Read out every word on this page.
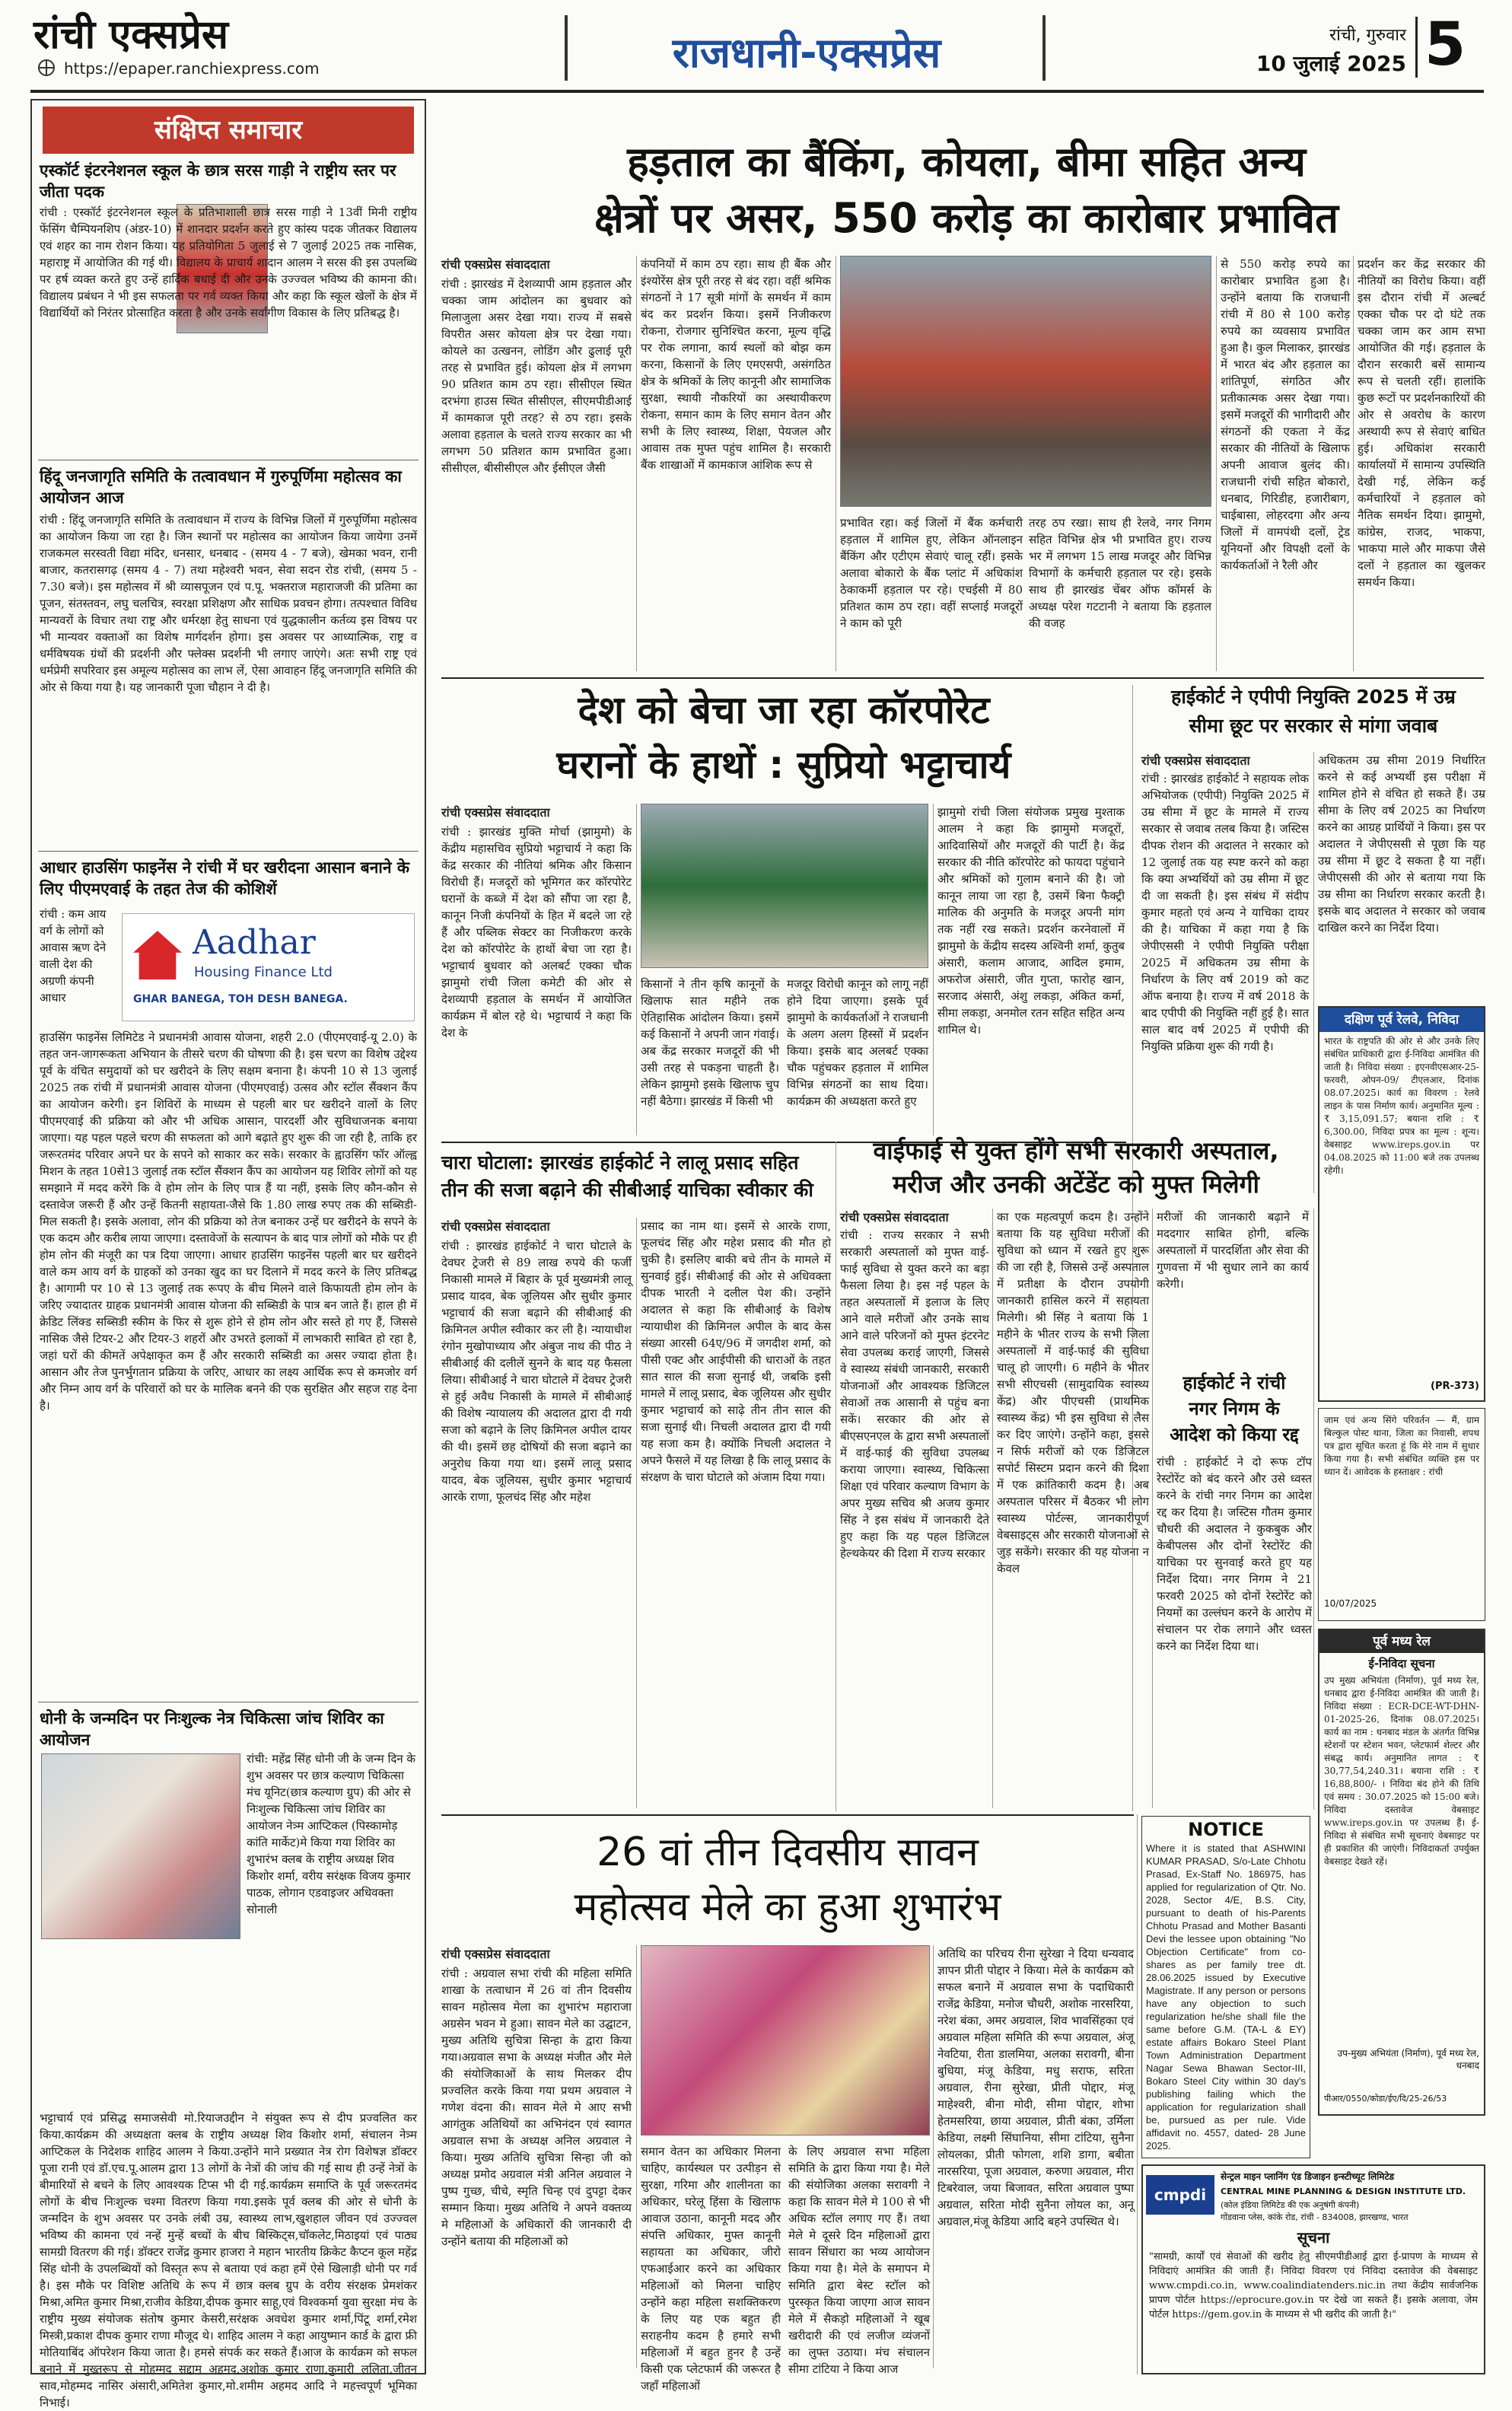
रांची एक्सप्रेस
https://epaper.ranchiexpress.com	राजधानी-एक्सप्रेस	रांची, गुरुवार
10 जुलाई 2025 5
संक्षिप्त समाचार
एस्कॉर्ट इंटरनेशनल स्कूल के छात्र सरस गाड़ी ने राष्ट्रीय स्तर पर जीता पदक
रांची : एस्कॉर्ट इंटरनेशनल स्कूल के प्रतिभाशाली छात्र सरस गाड़ी ने 13वीं मिनी राष्ट्रीय फेंसिंग चैम्पियनशिप (अंडर-10) में शानदार प्रदर्शन करते हुए कांस्य पदक जीतकर विद्यालय एवं शहर का नाम रोशन किया। यह प्रतियोगिता 5 जुलाई से 7 जुलाई 2025 तक नासिक, महाराष्ट्र में आयोजित की गई थी। विद्यालय के प्राचार्य शादान आलम ने सरस की इस उपलब्धि पर हर्ष व्यक्त करते हुए उन्हें हार्दिक बधाई दी और उनके उज्ज्वल भविष्य की कामना की। विद्यालय प्रबंधन ने भी इस सफलता पर गर्व व्यक्त किया और कहा कि स्कूल खेलों के क्षेत्र में विद्यार्थियों को निरंतर प्रोत्साहित करता है और उनके सर्वांगीण विकास के लिए प्रतिबद्ध है।
हिंदू जनजागृति समिति के तत्वावधान में गुरुपूर्णिमा महोत्सव का आयोजन आज
रांची : हिंदू जनजागृति समिति के तत्वावधान में राज्य के विभिन्न जिलों में गुरुपूर्णिमा महोत्सव का आयोजन किया जा रहा है। जिन स्थानों पर महोत्सव का आयोजन किया जायेगा उनमें राजकमल सरस्वती विद्या मंदिर, धनसार, धनबाद - (समय 4 - 7 बजे), खेमका भवन, रानी बाजार, कतरासगढ़ (समय 4 - 7) तथा महेश्वरी भवन, सेवा सदन रोड रांची, (समय 5 - 7.30 बजे)। इस महोत्सव में श्री व्यासपूजन एवं प.पू. भक्तराज महाराजजी की प्रतिमा का पूजन, संतस्तवन, लघु चलचित्र, स्वरक्षा प्रशिक्षण और साधिक प्रवचन होगा। तत्पश्चात विविध मान्यवरों के विचार तथा राष्ट्र और धर्मरक्षा हेतु साधना एवं युद्धकालीन कर्तव्य इस विषय पर भी मान्यवर वक्ताओं का विशेष मार्गदर्शन होगा। इस अवसर पर आध्यात्मिक, राष्ट्र व धर्मविषयक ग्रंथों की प्रदर्शनी और फ्लेक्स प्रदर्शनी भी लगाए जाएंगे। अतः सभी राष्ट्र एवं धर्मप्रेमी सपरिवार इस अमूल्य महोत्सव का लाभ लें, ऐसा आवाहन हिंदू जनजागृति समिति की ओर से किया गया है। यह जानकारी पूजा चौहान ने दी है।
आधार हाउसिंग फाइनेंस ने रांची में घर खरीदना आसान बनाने के लिए पीएमएवाई के तहत तेज की कोशिशें
रांची : कम आय वर्ग के लोगों को आवास ऋण देने वाली देश की अग्रणी कंपनी आधार
Aadhar
Housing Finance Ltd
GHAR BANEGA, TOH DESH BANEGA.
हाउसिंग फाइनेंस लिमिटेड ने प्रधानमंत्री आवास योजना, शहरी 2.0 (पीएमएवाई-यू 2.0) के तहत जन-जागरूकता अभियान के तीसरे चरण की घोषणा की है। इस चरण का विशेष उद्देश्य पूर्व के वंचित समुदायों को घर खरीदने के लिए सक्षम बनाना है। कंपनी 10 से 13 जुलाई 2025 तक रांची में प्रधानमंत्री आवास योजना (पीएमएवाई) उत्सव और स्टॉल सैंक्शन कैंप का आयोजन करेगी। इन शिविरों के माध्यम से पहली बार घर खरीदने वालों के लिए पीएमएवाई की प्रक्रिया को और भी अधिक आसान, पारदर्शी और सुविधाजनक बनाया जाएगा। यह पहल पहले चरण की सफलता को आगे बढ़ाते हुए शुरू की जा रही है, ताकि हर जरूरतमंद परिवार अपने घर के सपने को साकार कर सके। सरकार के ह्वाउसिंग फॉर ऑल्ह्व मिशन के तहत 10से13 जुलाई तक स्टॉल सैंक्शन कैंप का आयोजन यह शिविर लोगों को यह समझाने में मदद करेंगे कि वे होम लोन के लिए पात्र हैं या नहीं, इसके लिए कौन-कौन से दस्तावेज जरूरी हैं और उन्हें कितनी सहायता-जैसे कि 1.80 लाख रुपए तक की सब्सिडी-मिल सकती है। इसके अलावा, लोन की प्रक्रिया को तेज बनाकर उन्हें घर खरीदने के सपने के एक कदम और करीब लाया जाएगा। दस्तावेजों के सत्यापन के बाद पात्र लोगों को मौके पर ही होम लोन की मंजूरी का पत्र दिया जाएगा। आधार हाउसिंग फाइनेंस पहली बार घर खरीदने वाले कम आय वर्ग के ग्राहकों को उनका खुद का घर दिलाने में मदद करने के लिए प्रतिबद्ध है। आगामी पर 10 से 13 जुलाई तक रूपए के बीच मिलने वाले किफायती होम लोन के जरिए ज्यादातर ग्राहक प्रधानमंत्री आवास योजना की सब्सिडी के पात्र बन जाते हैं। हाल ही में क्रेडिट लिंक्ड सब्सिडी स्कीम के फिर से शुरू होने से होम लोन और सस्ते हो गए हैं, जिससे नासिक जैसे टियर-2 और टियर-3 शहरों और उभरते इलाकों में लाभकारी साबित हो रहा है, जहां घरों की कीमतें अपेक्षाकृत कम हैं और सरकारी सब्सिडी का असर ज्यादा होता है। आसान और तेज पुनर्भुगतान प्रक्रिया के जरिए, आधार का लक्ष्य आर्थिक रूप से कमजोर वर्ग और निम्न आय वर्ग के परिवारों को घर के मालिक बनने की एक सुरक्षित और सहज राह देना है।
धोनी के जन्मदिन पर निःशुल्क नेत्र चिकित्सा जांच शिविर का आयोजन
रांची: महेंद्र सिंह धोनी जी के जन्म दिन के शुभ अवसर पर छात्र कल्याण चिकित्सा मंच यूनिट(छात्र कल्याण ग्रुप) की ओर से निःशुल्क चिकित्सा जांच शिविर का आयोजन नेत्र्म आप्टिकल (पिस्कामोड़ कांति मार्केट)मे किया गया शिविर का शुभारंभ क्लब के राष्ट्रीय अध्यक्ष शिव किशोर शर्मा, वरीय सरंक्षक विजय कुमार पाठक, लोगान एडवाइजर अधिवक्ता सोनाली
भट्टाचार्य एवं प्रसिद्ध समाजसेवी मो.रियाजउद्दीन ने संयुक्त रूप से दीप प्रज्वलित कर किया.कार्यक्रम की अध्यक्षता क्लब के राष्ट्रीय अध्यक्ष शिव किशोर शर्मा, संचालन नेत्र्म आप्टिकल के निदेशक शाहिद आलम ने किया.उन्होंने माने प्रख्यात नेत्र रोग विशेषज्ञ डॉक्टर पूजा रानी एवं डॉ.एच.पू.आलम द्वारा 13 लोगों के नेत्रों की जांच की गई साथ ही उन्हें नेत्रों के बीमारियों से बचने के लिए आवश्यक टिप्स भी दी गई.कार्यक्रम समाप्ति के पूर्व जरूरतमंद लोगों के बीच निःशुल्क चश्मा वितरण किया गया.इसके पूर्व क्लब की ओर से धोनी के जन्मदिन के शुभ अवसर पर उनके लंबी उम्र, स्वास्थ्य लाभ,खुशहाल जीवन एवं उज्ज्वल भविष्य की कामना एवं नन्हें मुन्हें बच्चों के बीच बिस्किट्स,चॉकलेट,मिठाइयां एवं पाठ्य सामग्री वितरण की गई। डॉक्टर राजेंद्र कुमार हाजरा ने महान भारतीय क्रिकेट कैप्टन कूल महेंद्र सिंह धोनी के उपलब्धियों को विस्तृत रूप से बताया एवं कहा हमें ऐसे खिलाड़ी धोनी पर गर्व है। इस मौके पर विशिष्ट अतिथि के रूप में छात्र क्लब ग्रुप के वरीय संरक्षक प्रेमशंकर मिश्रा,अमित कुमार मिश्रा,राजीव केडिया,दीपक कुमार साहू,एवं विश्वकर्मा युवा सुरक्षा मंच के राष्ट्रीय मुख्य संयोजक संतोष कुमार केसरी,सरंक्षक अवधेश कुमार शर्मा,पिंटू शर्मा,रमेश मिस्त्री,प्रकाश दीपक कुमार राणा मौजूद थे। शाहिद आलम ने कहा आयुष्मान कार्ड के द्वारा फ्री मोतियाबिंद ऑपरेशन किया जाता है। हमसे संपर्क कर सकते हैं।आज के कार्यक्रम को सफल बनाने में मुख्तरूप से मोहम्मद सद्दाम अहमद,अशोक कुमार राणा,कुमारी ललिता,जीतन साव,मोहम्मद नासिर अंसारी,अमितेश कुमार,मो.शमीम अहमद आदि ने महत्त्वपूर्ण भूमिका निभाई।
हड़ताल का बैंकिंग, कोयला, बीमा सहित अन्य
क्षेत्रों पर असर, 550 करोड़ का कारोबार प्रभावित
रांची एक्सप्रेस संवाददाता
रांची : झारखंड में देशव्यापी आम हड़ताल और चक्का जाम आंदोलन का बुधवार को मिलाजुला असर देखा गया। राज्य में सबसे विपरीत असर कोयला क्षेत्र पर देखा गया। कोयले का उत्खनन, लोडिंग और ढुलाई पूरी तरह से प्रभावित हुई। कोयला क्षेत्र में लगभग 90 प्रतिशत काम ठप रहा। सीसीएल स्थित दरभंगा हाउस स्थित सीसीएल, सीएमपीडीआई में कामकाज पूरी तरह? से ठप रहा। इसके अलावा हड़ताल के चलते राज्य सरकार का भी लगभग 50 प्रतिशत काम प्रभावित हुआ। सीसीएल, बीसीसीएल और ईसीएल जैसी
कंपनियों में काम ठप रहा। साथ ही बैंक और इंश्योरेंस क्षेत्र पूरी तरह से बंद रहा। वहीं श्रमिक संगठनों ने 17 सूत्री मांगों के समर्थन में काम बंद कर प्रदर्शन किया। इसमें निजीकरण रोकना, रोजगार सुनिश्चित करना, मूल्य वृद्धि पर रोक लगाना, कार्य स्थलों को बोझ कम करना, किसानों के लिए एमएसपी, असंगठित क्षेत्र के श्रमिकों के लिए कानूनी और सामाजिक सुरक्षा, स्थायी नौकरियों का अस्थायीकरण रोकना, समान काम के लिए समान वेतन और सभी के लिए स्वास्थ्य, शिक्षा, पेयजल और आवास तक मुफ्त पहुंच शामिल है। सरकारी बैंक शाखाओं में कामकाज आंशिक रूप से
प्रभावित रहा। कई जिलों में बैंक कर्मचारी हड़ताल में शामिल हुए, लेकिन ऑनलाइन बैंकिंग और एटीएम सेवाएं चालू रहीं। इसके अलावा बोकारो के बैंक प्लांट में अधिकांश ठेकाकर्मी हड़ताल पर रहे। एचईसी में 80 प्रतिशत काम ठप रहा। वहीं सप्लाई मजदूरों ने काम को पूरी
तरह ठप रखा। साथ ही रेलवे, नगर निगम सहित विभिन्न क्षेत्र भी प्रभावित हुए। राज्य भर में लगभग 15 लाख मजदूर और विभिन्न विभागों के कर्मचारी हड़ताल पर रहे। इसके साथ ही झारखंड चेंबर ऑफ कॉमर्स के अध्यक्ष परेश गटटानी ने बताया कि हड़ताल की वजह
से 550 करोड़ रुपये का कारोबार प्रभावित हुआ है। उन्होंने बताया कि राजधानी रांची में 80 से 100 करोड़ रुपये का व्यवसाय प्रभावित हुआ है। कुल मिलाकर, झारखंड में भारत बंद और हड़ताल का शांतिपूर्ण, संगठित और प्रतीकात्मक असर देखा गया। इसमें मजदूरों की भागीदारी और संगठनों की एकता ने केंद्र सरकार की नीतियों के खिलाफ अपनी आवाज बुलंद की। राजधानी रांची सहित बोकारो, धनबाद, गिरिडीह, हजारीबाग, चाईबासा, लोहरदगा और अन्य जिलों में वामपंथी दलों, ट्रेड यूनियनों और विपक्षी दलों के कार्यकर्ताओं ने रैली और
प्रदर्शन कर केंद्र सरकार की नीतियों का विरोध किया। वहीं इस दौरान रांची में अल्बर्ट एक्का चौक पर दो घंटे तक चक्का जाम कर आम सभा आयोजित की गई। हड़ताल के दौरान सरकारी बसें सामान्य रूप से चलती रहीं। हालांकि कुछ रूटों पर प्रदर्शनकारियों की ओर से अवरोध के कारण अस्थायी रूप से सेवाएं बाधित हुई। अधिकांश सरकारी कार्यालयों में सामान्य उपस्थिति देखी गई, लेकिन कई कर्मचारियों ने हड़ताल को नैतिक समर्थन दिया। झामुमो, कांग्रेस, राजद, भाकपा, भाकपा माले और माकपा जैसे दलों ने हड़ताल का खुलकर समर्थन किया।
देश को बेचा जा रहा कॉरपोरेट
घरानों के हाथों : सुप्रियो भट्टाचार्य
रांची एक्सप्रेस संवाददाता
रांची : झारखंड मुक्ति मोर्चा (झामुमो) के केंद्रीय महासचिव सुप्रियो भट्टाचार्य ने कहा कि केंद्र सरकार की नीतियां श्रमिक और किसान विरोधी हैं। मजदूरों को भूमिगत कर कॉरपोरेट घरानों के कब्जे में देश को सौंपा जा रहा है, कानून निजी कंपनियों के हित में बदले जा रहे हैं और पब्लिक सेक्टर का निजीकरण करके देश को कॉरपोरेट के हाथों बेचा जा रहा है। भट्टाचार्य बुधवार को अलबर्ट एक्का चौक झामुमो रांची जिला कमेटी की ओर से देशव्यापी हड़ताल के समर्थन में आयोजित कार्यक्रम में बोल रहे थे। भट्टाचार्य ने कहा कि देश के
किसानों ने तीन कृषि कानूनों के खिलाफ सात महीने तक ऐतिहासिक आंदोलन किया। इसमें कई किसानों ने अपनी जान गंवाई। अब केंद्र सरकार मजदूरों की भी उसी तरह से पकड़ना चाहती है। लेकिन झामुमो इसके खिलाफ चुप नहीं बैठेगा। झारखंड में किसी भी
मजदूर विरोधी कानून को लागू नहीं होने दिया जाएगा। इसके पूर्व झामुमो के कार्यकर्ताओं ने राजधानी के अलग अलग हिस्सों में प्रदर्शन किया। इसके बाद अलबर्ट एक्का चौक पहुंचकर हड़ताल में शामिल विभिन्न संगठनों का साथ दिया। कार्यक्रम की अध्यक्षता करते हुए
झामुमो रांची जिला संयोजक प्रमुख मुश्ताक आलम ने कहा कि झामुमो मजदूरों, आदिवासियों और मजदूरों की पार्टी है। केंद्र सरकार की नीति कॉरपोरेट को फायदा पहुंचाने और श्रमिकों को गुलाम बनाने की है। जो कानून लाया जा रहा है, उसमें बिना फैक्ट्री मालिक की अनुमति के मजदूर अपनी मांग तक नहीं रख सकते। प्रदर्शन करनेवालों में झामुमो के केंद्रीय सदस्य अश्विनी शर्मा, कुतुब अंसारी, कलाम आजाद, आदिल इमाम, अफरोज अंसारी, जीत गुप्ता, फारोह खान, सरजाद अंसारी, अंशु लकड़ा, अंकित कर्मा, सीमा लकड़ा, अनमोल रतन सहित सहित अन्य शामिल थे।
हाईकोर्ट ने एपीपी नियुक्ति 2025 में उम्र
सीमा छूट पर सरकार से मांगा जवाब
रांची एक्सप्रेस संवाददाता
रांची : झारखंड हाईकोर्ट ने सहायक लोक अभियोजक (एपीपी) नियुक्ति 2025 में उम्र सीमा में छूट के मामले में राज्य सरकार से जवाब तलब किया है। जस्टिस दीपक रोशन की अदालत ने सरकार को 12 जुलाई तक यह स्पष्ट करने को कहा कि क्या अभ्यर्थियों को उम्र सीमा में छूट दी जा सकती है। इस संबंध में संदीप कुमार महतो एवं अन्य ने याचिका दायर की है। याचिका में कहा गया है कि जेपीएससी ने एपीपी नियुक्ति परीक्षा 2025 में अधिकतम उम्र सीमा के निर्धारण के लिए वर्ष 2019 को कट ऑफ बनाया है। राज्य में वर्ष 2018 के बाद एपीपी की नियुक्ति नहीं हुई है। सात साल बाद वर्ष 2025 में एपीपी की नियुक्ति प्रक्रिया शुरू की गयी है।
अधिकतम उम्र सीमा 2019 निर्धारित करने से कई अभ्यर्थी इस परीक्षा में शामिल होने से वंचित हो सकते हैं। उम्र सीमा के लिए वर्ष 2025 का निर्धारण करने का आग्रह प्रार्थियों ने किया। इस पर अदालत ने जेपीएससी से पूछा कि यह उम्र सीमा में छूट दे सकता है या नहीं। जेपीएससी की ओर से बताया गया कि उम्र सीमा का निर्धारण सरकार करती है। इसके बाद अदालत ने सरकार को जवाब दाखिल करने का निर्देश दिया।
दक्षिण पूर्व रेलवे, निविदा
भारत के राष्ट्रपति की ओर से और उनके लिए संबंधित प्राधिकारी द्वारा ई-निविदा आमंत्रित की जाती है। निविदा संख्या : इएनवीएसआर-25-फरवरी, ओपन-09/ टीएलआर, दिनांक 08.07.2025। कार्य का विवरण : रेलवे लाइन के पास निर्माण कार्य। अनुमानित मूल्य : ₹ 3,15,091.57; बयाना राशि : ₹ 6,300.00, निविदा प्रपत्र का मूल्य : शून्य। वेबसाइट www.ireps.gov.in पर 04.08.2025 को 11:00 बजे तक उपलब्ध रहेगी।
(PR-373)
चारा घोटाला: झारखंड हाईकोर्ट ने लालू प्रसाद सहित
तीन की सजा बढ़ाने की सीबीआई याचिका स्वीकार की
रांची एक्सप्रेस संवाददाता
रांची : झारखंड हाईकोर्ट ने चारा घोटाले के देवघर ट्रेजरी से 89 लाख रुपये की फर्जी निकासी मामले में बिहार के पूर्व मुख्यमंत्री लालू प्रसाद यादव, बेक जूलियस और सुधीर कुमार भट्टाचार्य की सजा बढ़ाने की सीबीआई की क्रिमिनल अपील स्वीकार कर ली है। न्यायाधीश रंगोन मुखोपाध्याय और अंबुज नाथ की पीठ ने सीबीआई की दलीलें सुनने के बाद यह फैसला लिया। सीबीआई ने चारा घोटाले में देवघर ट्रेजरी से हुई अवैध निकासी के मामले में सीबीआई की विशेष न्यायालय की अदालत द्वारा दी गयी सजा को बढ़ाने के लिए क्रिमिनल अपील दायर की थी। इसमें छह दोषियों की सजा बढ़ाने का अनुरोध किया गया था। इसमें लालू प्रसाद यादव, बेक जूलियस, सुधीर कुमार भट्टाचार्य आरके राणा, फूलचंद सिंह और महेश
प्रसाद का नाम था। इसमें से आरके राणा, फूलचंद सिंह और महेश प्रसाद की मौत हो चुकी है। इसलिए बाकी बचे तीन के मामले में सुनवाई हुई। सीबीआई की ओर से अधिवक्ता दीपक भारती ने दलील पेश की। उन्होंने अदालत से कहा कि सीबीआई के विशेष न्यायाधीश की क्रिमिनल अपील के बाद केस संख्या आरसी 64ए/96 में जगदीश शर्मा, को पीसी एक्ट और आईपीसी की धाराओं के तहत सात साल की सजा सुनाई थी, जबकि इसी मामले में लालू प्रसाद, बेक जूलियस और सुधीर कुमार भट्टाचार्य को साढ़े तीन तीन साल की सजा सुनाई थी। निचली अदालत द्वारा दी गयी यह सजा कम है। क्योंकि निचली अदालत ने अपने फैसले में यह लिखा है कि लालू प्रसाद के संरक्षण के चारा घोटाले को अंजाम दिया गया।
वाईफाई से युक्त होंगे सभी सरकारी अस्पताल,
मरीज और उनकी अटेंडेंट को मुफ्त मिलेगी
रांची एक्सप्रेस संवाददाता
रांची : राज्य सरकार ने सभी सरकारी अस्पतालों को मुफ्त वाई-फाई सुविधा से युक्त करने का बड़ा फैसला लिया है। इस नई पहल के तहत अस्पतालों में इलाज के लिए आने वाले मरीजों और उनके साथ आने वाले परिजनों को मुफ्त इंटरनेट सेवा उपलब्ध कराई जाएगी, जिससे वे स्वास्थ्य संबंधी जानकारी, सरकारी योजनाओं और आवश्यक डिजिटल सेवाओं तक आसानी से पहुंच बना सकें। सरकार की ओर से बीएसएनएल के द्वारा सभी अस्पतालों में वाई-फाई की सुविधा उपलब्ध कराया जाएगा। स्वास्थ्य, चिकित्सा शिक्षा एवं परिवार कल्याण विभाग के अपर मुख्य सचिव श्री अजय कुमार सिंह ने इस संबंध में जानकारी देते हुए कहा कि यह पहल डिजिटल हेल्थकेयर की दिशा में राज्य सरकार
का एक महत्वपूर्ण कदम है। उन्होंने बताया कि यह सुविधा मरीजों की सुविधा को ध्यान में रखते हुए शुरू की जा रही है, जिससे उन्हें अस्पताल में प्रतीक्षा के दौरान उपयोगी जानकारी हासिल करने में सहायता मिलेगी। श्री सिंह ने बताया कि 1 महीने के भीतर राज्य के सभी जिला अस्पतालों में वाई-फाई की सुविधा चालू हो जाएगी। 6 महीने के भीतर सभी सीएचसी (सामुदायिक स्वास्थ्य केंद्र) और पीएचसी (प्राथमिक स्वास्थ्य केंद्र) भी इस सुविधा से लैस कर दिए जाएंगे। उन्होंने कहा, इससे न सिर्फ मरीजों को एक डिजिटल सपोर्ट सिस्टम प्रदान करने की दिशा में एक क्रांतिकारी कदम है। अब अस्पताल परिसर में बैठकर भी लोग स्वास्थ्य पोर्टल्स, जानकारीपूर्ण वेबसाइट्स और सरकारी योजनाओं से जुड़ सकेंगे। सरकार की यह योजना न केवल
मरीजों की जानकारी बढ़ाने में मददगार साबित होगी, बल्कि अस्पतालों में पारदर्शिता और सेवा की गुणवत्ता में भी सुधार लाने का कार्य करेगी।
हाईकोर्ट ने रांची
नगर निगम के
आदेश को किया रद्द
रांची : हाईकोर्ट ने दो रूफ टॉप रेस्टोरेंट को बंद करने और उसे ध्वस्त करने के रांची नगर निगम का आदेश रद्द कर दिया है। जस्टिस गौतम कुमार चौधरी की अदालत ने कुकबुक और केबीपलस और दोनों रेस्टोरेंट की याचिका पर सुनवाई करते हुए यह निर्देश दिया। नगर निगम ने 21 फरवरी 2025 को दोनों रेस्टोरेंट को नियमों का उल्लंघन करने के आरोप में संचालन पर रोक लगाने और ध्वस्त करने का निर्देश दिया था।
जाम एवं अन्य सिंगे परिवर्तन — मैं, ग्राम बिल्कुल पोस्ट थाना, जिला का निवासी, शपथ पत्र द्वारा सूचित करता हूं कि मेरे नाम में सुधार किया गया है। सभी संबंधित व्यक्ति इस पर ध्यान दें। आवेदक के हस्ताक्षर : रांची
10/07/2025
पूर्व मध्य रेल
ई-निविदा सूचना
उप मुख्य अभियंता (निर्माण), पूर्व मध्य रेल, धनबाद द्वारा ई-निविदा आमंत्रित की जाती है। निविदा संख्या : ECR-DCE-WT-DHN-01-2025-26, दिनांक 08.07.2025। कार्य का नाम : धनबाद मंडल के अंतर्गत विभिन्न स्टेशनों पर स्टेशन भवन, प्लेटफार्म शेल्टर और संबद्ध कार्य। अनुमानित लागत : ₹ 30,77,54,240.31। बयाना राशि : ₹ 16,88,800/- । निविदा बंद होने की तिथि एवं समय : 30.07.2025 को 15:00 बजे। निविदा दस्तावेज वेबसाइट www.ireps.gov.in पर उपलब्ध हैं। ई-निविदा से संबंधित सभी सूचनाएं वेबसाइट पर ही प्रकाशित की जाएंगी। निविदाकर्ता उपर्युक्त वेबसाइट देखते रहें।
उप-मुख्य अभियंता (निर्माण), पूर्व मध्य रेल, धनबाद
पीआर/0550/कोडा/ईए/दि/25-26/53
NOTICE
Where it is stated that ASHWINI KUMAR PRASAD, S/o-Late Chhotu Prasad, Ex-Staff No. 186975, has applied for regularization of Qtr. No. 2028, Sector 4/E, B.S. City, pursuant to death of his-Parents Chhotu Prasad and Mother Basanti Devi the lessee upon obtaining "No Objection Certificate" from co-shares as per family tree dt. 28.06.2025 issued by Executive Magistrate. If any person or persons have any objection to such regularization he/she shall file the same before G.M. (TA-L & EY) estate affairs Bokaro Steel Plant Town Administration Department Nagar Sewa Bhawan Sector-III, Bokaro Steel City within 30 day's publishing failing which the application for regularization shall be, pursued as per rule. Vide affidavit no. 4557, dated- 28 June 2025.
cmpdi
सेन्ट्रल माइन प्लानिंग एंड डिजाइन इन्स्टीच्यूट लिमिटेड
CENTRAL MINE PLANNING & DESIGN INSTITUTE LTD.
(कोल इंडिया लिमिटेड की एक अनुषंगी कंपनी)
गोंडवाना प्लेस, कांके रोड, रांची - 834008, झारखण्ड, भारत
सूचना
"सामग्री, कार्यों एवं सेवाओं की खरीद हेतु सीएमपीडीआई द्वारा ई-प्रापण के माध्यम से निविदाएं आमंत्रित की जाती हैं। निविदा विवरण एवं निविदा दस्तावेज की वेबसाइट www.cmpdi.co.in, www.coalindiatenders.nic.in तथा केंद्रीय सार्वजनिक प्रापण पोर्टल https://eprocure.gov.in पर देखे जा सकते हैं। इसके अलावा, जेम पोर्टल https://gem.gov.in के माध्यम से भी खरीद की जाती है।"
26 वां तीन दिवसीय सावन
महोत्सव मेले का हुआ शुभारंभ
रांची एक्सप्रेस संवाददाता
रांची : अग्रवाल सभा रांची की महिला समिति शाखा के तत्वाधान में 26 वां तीन दिवसीय सावन महोत्सव मेला का शुभारंभ महाराजा अग्रसेन भवन मे हुआ। सावन मेले का उद्घाटन, मुख्य अतिथि सुचित्रा सिन्हा के द्वारा किया गया।अग्रवाल सभा के अध्यक्ष मंजीत और मेले की संयोजिकाओं के साथ मिलकर दीप प्रज्वलित करके किया गया प्रथम अग्रवाल ने गणेश वंदना की। सावन मेले मे आए सभी आगंतुक अतिथियों का अभिनंदन एवं स्वागत अग्रवाल सभा के अध्यक्ष अनिल अग्रवाल ने किया। मुख्य अतिथि सुचित्रा सिन्हा जी को अध्यक्ष प्रमोद अग्रवाल मंत्री अनिल अग्रवाल ने पुष्प गुच्छ, चीचे, स्मृति चिन्ह एवं दुपट्टा देकर सम्मान किया। मुख्य अतिथि ने अपने वक्तव्य मे महिलाओं के अधिकारों की जानकारी दी उन्होंने बताया की महिलाओं को
समान वेतन का अधिकार मिलना चाहिए, कार्यस्थल पर उत्पीड़न से सुरक्षा, गरिमा और शालीनता का अधिकार, घरेलू हिंसा के खिलाफ आवाज उठाना, कानूनी मदद और संपत्ति अधिकार, मुफ्त कानूनी सहायता का अधिकार, जीरो एफआईआर करने का अधिकार महिलाओं को मिलना चाहिए उन्होंने कहा महिला सशक्तिकरण के लिए यह एक बहुत ही सराहनीय कदम है हमारे सभी महिलाओं में बहुत हुनर है उन्हें किसी एक प्लेटफार्म की जरूरत है जहाँ महिलाओं
के लिए अग्रवाल सभा महिला समिति के द्वारा किया गया है। मेले की संयोजिका अलका सरावगी ने कहा कि सावन मेले मे 100 से भी अधिक स्टॉल लगाए गए हैं। तथा मेले मे दूसरे दिन महिलाओं द्वारा सावन सिंधारा का भव्य आयोजन किया गया है। मेले के समापन मे समिति द्वारा बेस्ट स्टॉल को पुरस्कृत किया जाएगा आज सावन मेले में सैकड़ो महिलाओं ने खूब खरीदारी की एवं लजीज व्यंजनों का लुफ्त उठाया। मंच संचालन सीमा टांटिया ने किया आज
अतिथि का परिचय रीना सुरेखा ने दिया धन्यवाद ज्ञापन प्रीती पोद्दार ने किया। मेले के कार्यक्रम को सफल बनाने में अग्रवाल सभा के पदाधिकारी राजेंद्र केडिया, मनोज चौधरी, अशोक नारसरिया, नरेश बंका, अमर अग्रवाल, शिव भावसिंहका एवं अग्रवाल महिला समिति की रूपा अग्रवाल, अंजू नेवटिया, रीता डालमिया, अलका सरावगी, बीना बुधिया, मंजू केडिया, मधु सराफ, सरिता अग्रवाल, रीना सुरेखा, प्रीती पोद्दार, मंजू माहेश्वरी, बीना मोदी, सीमा पोद्दार, शोभा हेतमसरिया, छाया अग्रवाल, प्रीती बंका, उर्मिला केडिया, लक्ष्मी सिंघानिया, सीमा टांटिया, सुनैना लोयलका, प्रीती फोगला, शशि डागा, बबीता नारसरिया, पूजा अग्रवाल, करुणा अग्रवाल, मीरा टिबरेवाल, जया बिजावत, सरिता अग्रवाल पुष्पा अग्रवाल, सरिता मोदी सुनैना लोयल का, अनू अग्रवाल,मंजू केडिया आदि बहने उपस्थित थे।
